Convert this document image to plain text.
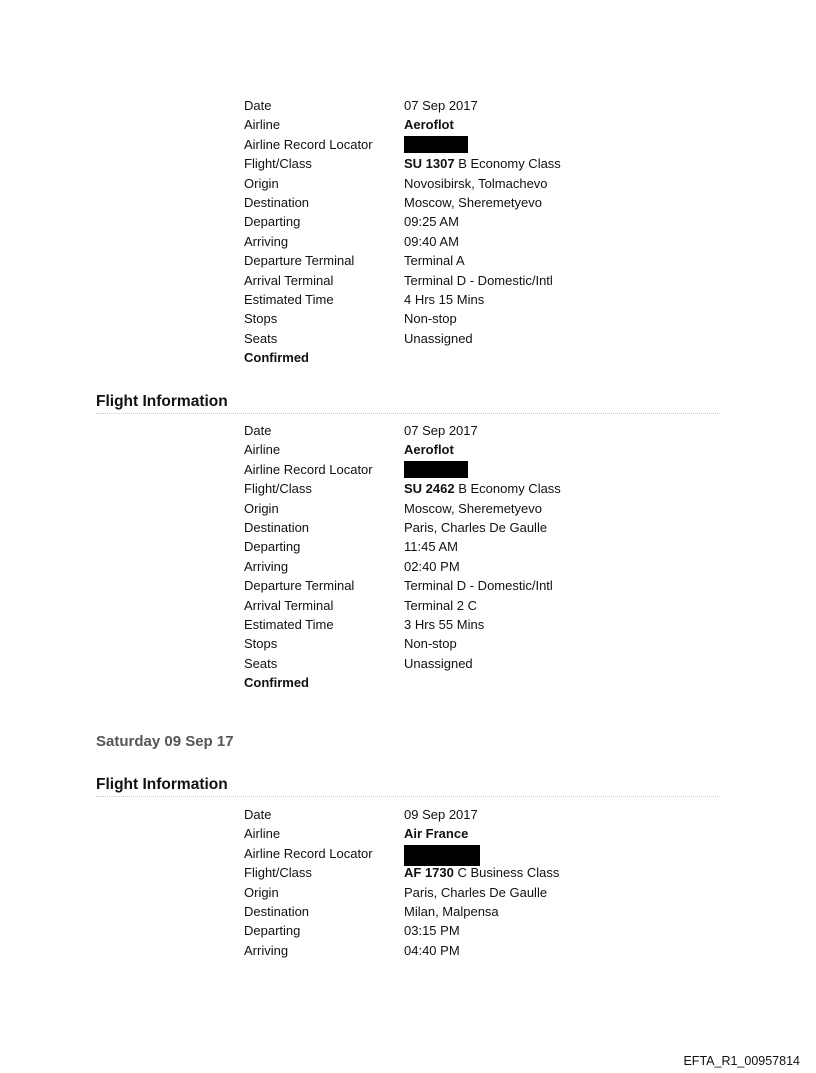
Date	07 Sep 2017
Airline	Aeroflot
Airline Record Locator
Flight/Class	SU 1307 B Economy Class
Origin	Novosibirsk, Tolmachevo
Destination	Moscow, Sheremetyevo
Departing	09:25 AM
Arriving	09:40 AM
Departure Terminal	Terminal A
Arrival Terminal	Terminal D - Domestic/Intl
Estimated Time	4 Hrs 15 Mins
Stops	Non-stop
Seats	Unassigned
Confirmed
Flight Information
Date	07 Sep 2017
Airline	Aeroflot
Airline Record Locator
Flight/Class	SU 2462 B Economy Class
Origin	Moscow, Sheremetyevo
Destination	Paris, Charles De Gaulle
Departing	11:45 AM
Arriving	02:40 PM
Departure Terminal	Terminal D - Domestic/Intl
Arrival Terminal	Terminal 2 C
Estimated Time	3 Hrs 55 Mins
Stops	Non-stop
Seats	Unassigned
Confirmed
Saturday 09 Sep 17
Flight Information
Date	09 Sep 2017
Airline	Air France
Airline Record Locator
Flight/Class	AF 1730 C Business Class
Origin	Paris, Charles De Gaulle
Destination	Milan, Malpensa
Departing	03:15 PM
Arriving	04:40 PM
EFTA_R1_00957814
